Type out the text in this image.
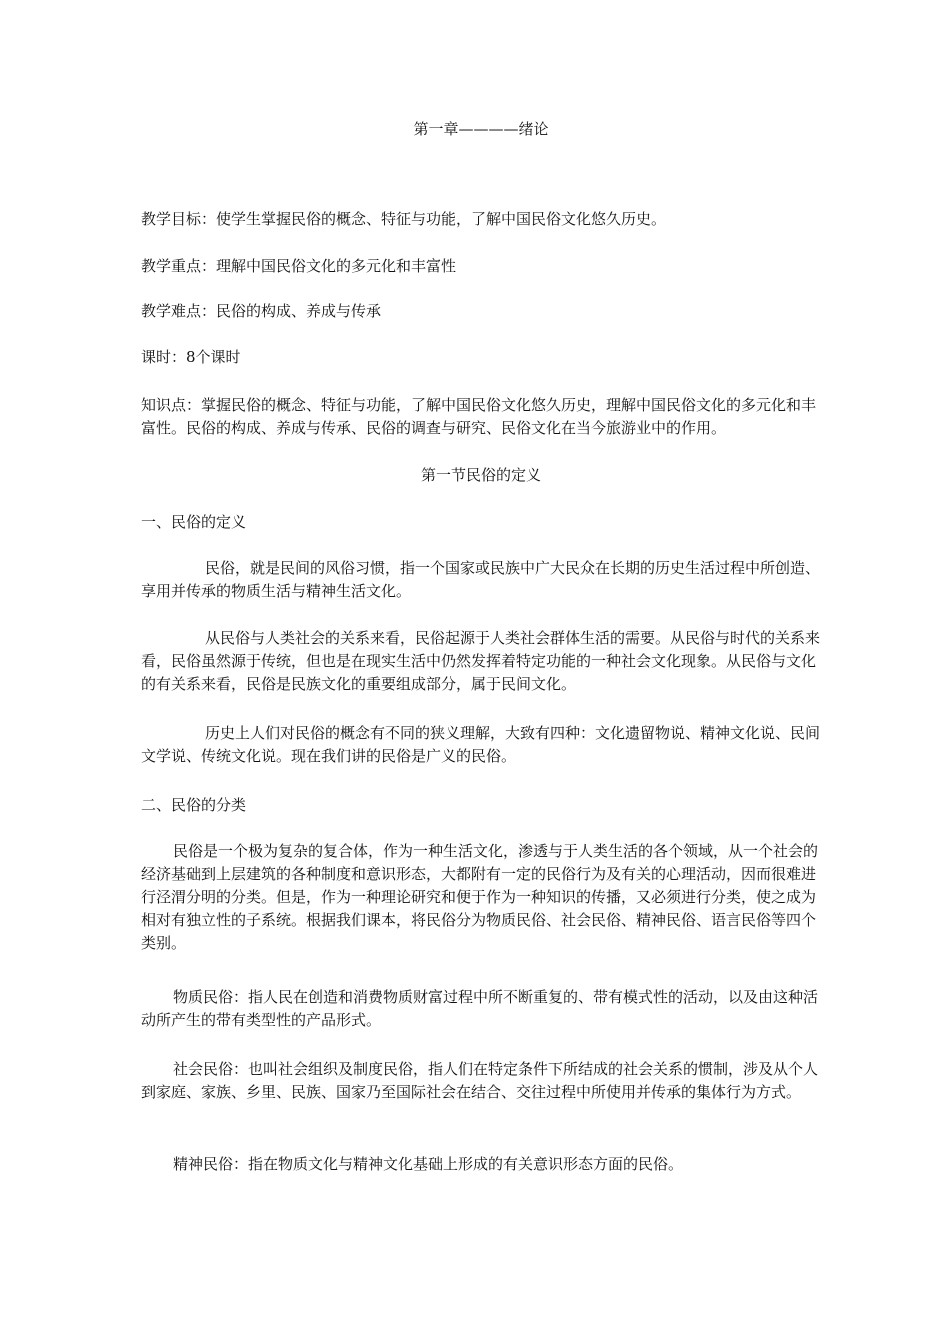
第一章————绪论

教学目标：使学生掌握民俗的概念、特征与功能，了解中国民俗文化悠久历史。

教学重点：理解中国民俗文化的多元化和丰富性

教学难点：民俗的构成、养成与传承

课时：8个课时

知识点：掌握民俗的概念、特征与功能，了解中国民俗文化悠久历史，理解中国民俗文化的多元化和丰富性。民俗的构成、养成与传承、民俗的调查与研究、民俗文化在当今旅游业中的作用。

第一节民俗的定义

一、民俗的定义

民俗，就是民间的风俗习惯，指一个国家或民族中广大民众在长期的历史生活过程中所创造、享用并传承的物质生活与精神生活文化。

从民俗与人类社会的关系来看，民俗起源于人类社会群体生活的需要。从民俗与时代的关系来看，民俗虽然源于传统，但也是在现实生活中仍然发挥着特定功能的一种社会文化现象。从民俗与文化的有关系来看，民俗是民族文化的重要组成部分，属于民间文化。

历史上人们对民俗的概念有不同的狭义理解，大致有四种：文化遗留物说、精神文化说、民间文学说、传统文化说。现在我们讲的民俗是广义的民俗。

二、民俗的分类

民俗是一个极为复杂的复合体，作为一种生活文化，渗透与于人类生活的各个领域，从一个社会的经济基础到上层建筑的各种制度和意识形态，大都附有一定的民俗行为及有关的心理活动，因而很难进行泾渭分明的分类。但是，作为一种理论研究和便于作为一种知识的传播，又必须进行分类，使之成为相对有独立性的子系统。根据我们课本，将民俗分为物质民俗、社会民俗、精神民俗、语言民俗等四个类别。

物质民俗：指人民在创造和消费物质财富过程中所不断重复的、带有模式性的活动，以及由这种活动所产生的带有类型性的产品形式。

社会民俗：也叫社会组织及制度民俗，指人们在特定条件下所结成的社会关系的惯制，涉及从个人到家庭、家族、乡里、民族、国家乃至国际社会在结合、交往过程中所使用并传承的集体行为方式。

精神民俗：指在物质文化与精神文化基础上形成的有关意识形态方面的民俗。
